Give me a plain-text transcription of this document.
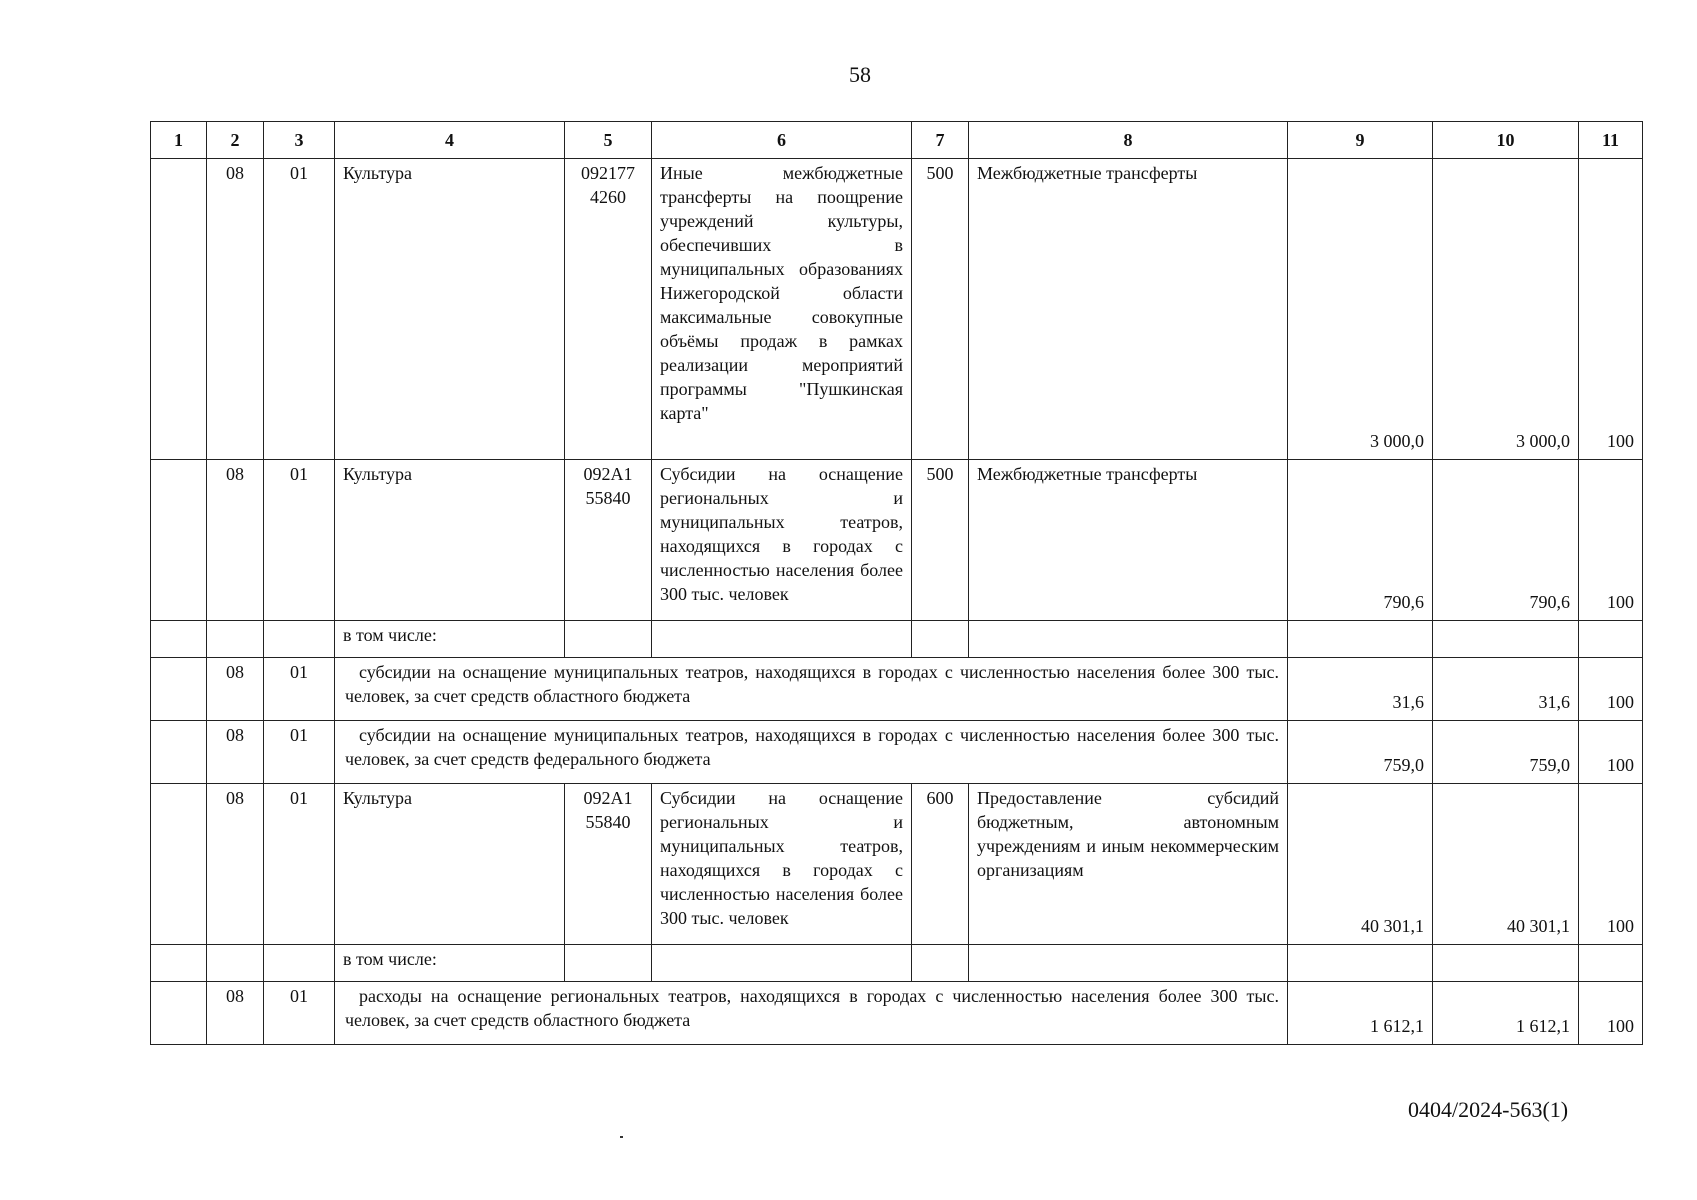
58
1	2	3	4	5	6	7	8	9	10	11
	08	01	Культура	092177 4260	Иные межбюджетные трансферты на поощрение учреждений культуры, обеспечивших в муниципальных образованиях Нижегородской области максимальные совокупные объёмы продаж в рамках реализации мероприятий программы "Пушкинская карта"	500	Межбюджетные трансферты	3 000,0	3 000,0	100
	08	01	Культура	092A1 55840	Субсидии на оснащение региональных и муниципальных театров, находящихся в городах с численностью населения более 300 тыс. человек	500	Межбюджетные трансферты	790,6	790,6	100
			в том числе:							
	08	01	субсидии на оснащение муниципальных театров, находящихся в городах с численностью населения более 300 тыс. человек, за счет средств областного бюджета					31,6	31,6	100
	08	01	субсидии на оснащение муниципальных театров, находящихся в городах с численностью населения более 300 тыс. человек, за счет средств федерального бюджета					759,0	759,0	100
	08	01	Культура	092A1 55840	Субсидии на оснащение региональных и муниципальных театров, находящихся в городах с численностью населения более 300 тыс. человек	600	Предоставление субсидий бюджетным, автономным учреждениям и иным некоммерческим организациям	40 301,1	40 301,1	100
			в том числе:							
	08	01	расходы на оснащение региональных театров, находящихся в городах с численностью населения более 300 тыс. человек, за счет средств областного бюджета					1 612,1	1 612,1	100
0404/2024-563(1)
